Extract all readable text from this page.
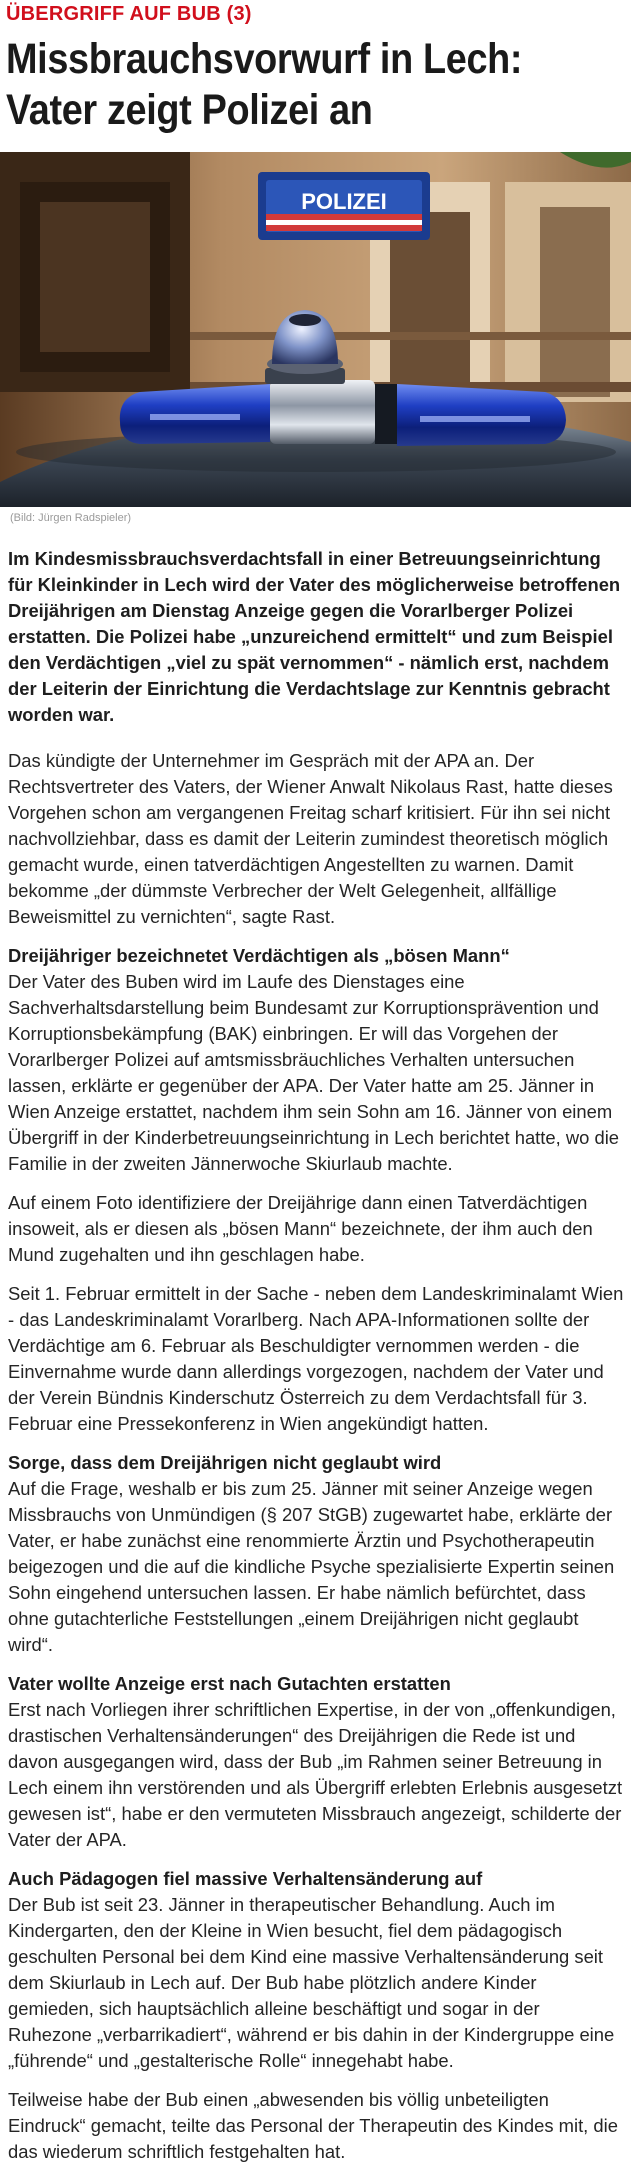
ÜBERGRIFF AUF BUB (3)
Missbrauchsvorwurf in Lech:
Vater zeigt Polizei an
POLIZEI
(Bild: Jürgen Radspieler)

Im Kindesmissbrauchsverdachtsfall in einer Betreuungseinrichtung für Kleinkinder in Lech wird der Vater des möglicherweise betroffenen Dreijährigen am Dienstag Anzeige gegen die Vorarlberger Polizei erstatten. Die Polizei habe „unzureichend ermittelt“ und zum Beispiel den Verdächtigen „viel zu spät vernommen“ - nämlich erst, nachdem der Leiterin der Einrichtung die Verdachtslage zur Kenntnis gebracht worden war.

Das kündigte der Unternehmer im Gespräch mit der APA an. Der Rechtsvertreter des Vaters, der Wiener Anwalt Nikolaus Rast, hatte dieses Vorgehen schon am vergangenen Freitag scharf kritisiert. Für ihn sei nicht nachvollziehbar, dass es damit der Leiterin zumindest theoretisch möglich gemacht wurde, einen tatverdächtigen Angestellten zu warnen. Damit bekomme „der dümmste Verbrecher der Welt Gelegenheit, allfällige Beweismittel zu vernichten“, sagte Rast.

Dreijähriger bezeichnetet Verdächtigen als „bösen Mann“

Der Vater des Buben wird im Laufe des Dienstages eine Sachverhaltsdarstellung beim Bundesamt zur Korruptionsprävention und Korruptionsbekämpfung (BAK) einbringen. Er will das Vorgehen der Vorarlberger Polizei auf amtsmissbräuchliches Verhalten untersuchen lassen, erklärte er gegenüber der APA. Der Vater hatte am 25. Jänner in Wien Anzeige erstattet, nachdem ihm sein Sohn am 16. Jänner von einem Übergriff in der Kinderbetreuungseinrichtung in Lech berichtet hatte, wo die Familie in der zweiten Jännerwoche Skiurlaub machte.

Auf einem Foto identifiziere der Dreijährige dann einen Tatverdächtigen insoweit, als er diesen als „bösen Mann“ bezeichnete, der ihm auch den Mund zugehalten und ihn geschlagen habe.

Seit 1. Februar ermittelt in der Sache - neben dem Landeskriminalamt Wien - das Landeskriminalamt Vorarlberg. Nach APA-Informationen sollte der Verdächtige am 6. Februar als Beschuldigter vernommen werden - die Einvernahme wurde dann allerdings vorgezogen, nachdem der Vater und der Verein Bündnis Kinderschutz Österreich zu dem Verdachtsfall für 3. Februar eine Pressekonferenz in Wien angekündigt hatten.

Sorge, dass dem Dreijährigen nicht geglaubt wird

Auf die Frage, weshalb er bis zum 25. Jänner mit seiner Anzeige wegen Missbrauchs von Unmündigen (§ 207 StGB) zugewartet habe, erklärte der Vater, er habe zunächst eine renommierte Ärztin und Psychotherapeutin beigezogen und die auf die kindliche Psyche spezialisierte Expertin seinen Sohn eingehend untersuchen lassen. Er habe nämlich befürchtet, dass ohne gutachterliche Feststellungen „einem Dreijährigen nicht geglaubt wird“.

Vater wollte Anzeige erst nach Gutachten erstatten

Erst nach Vorliegen ihrer schriftlichen Expertise, in der von „offenkundigen, drastischen Verhaltensänderungen“ des Dreijährigen die Rede ist und davon ausgegangen wird, dass der Bub „im Rahmen seiner Betreuung in Lech einem ihn verstörenden und als Übergriff erlebten Erlebnis ausgesetzt gewesen ist“, habe er den vermuteten Missbrauch angezeigt, schilderte der Vater der APA.

Auch Pädagogen fiel massive Verhaltensänderung auf

Der Bub ist seit 23. Jänner in therapeutischer Behandlung. Auch im Kindergarten, den der Kleine in Wien besucht, fiel dem pädagogisch geschulten Personal bei dem Kind eine massive Verhaltensänderung seit dem Skiurlaub in Lech auf. Der Bub habe plötzlich andere Kinder gemieden, sich hauptsächlich alleine beschäftigt und sogar in der Ruhezone „verbarrikadiert“, während er bis dahin in der Kindergruppe eine „führende“ und „gestalterische Rolle“ innegehabt habe.

Teilweise habe der Bub einen „abwesenden bis völlig unbeteiligten Eindruck“ gemacht, teilte das Personal der Therapeutin des Kindes mit, die das wiederum schriftlich festgehalten hat.
